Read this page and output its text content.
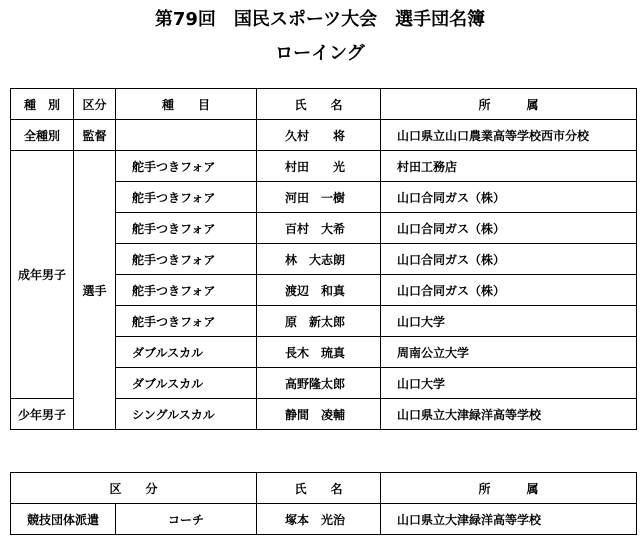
第79回　国民スポーツ大会　選手団名簿
ローイング
種　別	区分	種　　目	氏　　名	所　　　属
全種別	監督		久村　　将	山口県立山口農業高等学校西市分校
成年男子	選手	舵手つきフォア	村田　　光	村田工務店
		舵手つきフォア	河田　一樹	山口合同ガス（株）
		舵手つきフォア	百村　大希	山口合同ガス（株）
		舵手つきフォア	林　大志朗	山口合同ガス（株）
		舵手つきフォア	渡辺　和真	山口合同ガス（株）
		舵手つきフォア	原　新太郎	山口大学
		ダブルスカル	長木　琉真	周南公立大学
		ダブルスカル	高野隆太郎	山口大学
少年男子		シングルスカル	静間　凌輔	山口県立大津緑洋高等学校
区　　分		氏　　名	所　　　属
競技団体派遣	コーチ	塚本　光治	山口県立大津緑洋高等学校
